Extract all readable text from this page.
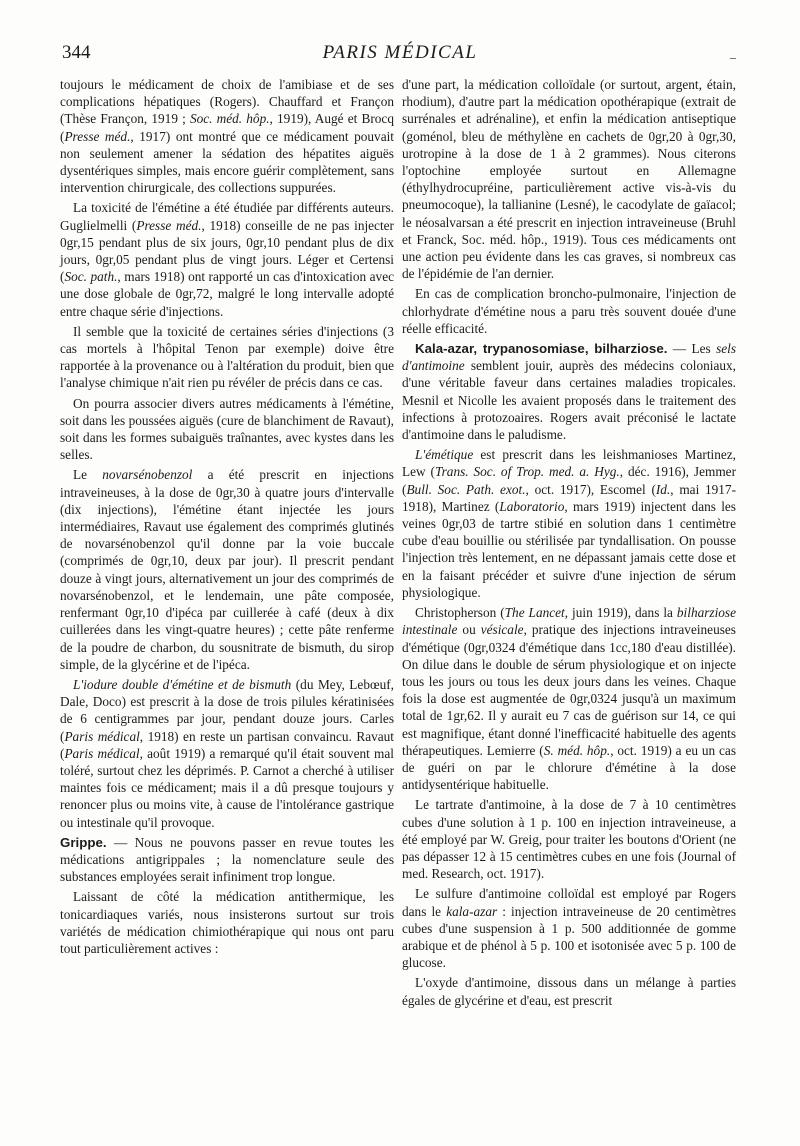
344	PARIS MÉDICAL	_

toujours le médicament de choix de l'amibiase et de ses complications hépatiques (Rogers). Chauffard et Françon (Thèse Françon, 1919 ; Soc. méd. hôp., 1919), Augé et Brocq (Presse méd., 1917) ont montré que ce médicament pouvait non seulement amener la sédation des hépatites aiguës dysentériques simples, mais encore guérir complètement, sans intervention chirurgicale, des collections suppurées.

La toxicité de l'émétine a été étudiée par différents auteurs. Guglielmelli (Presse méd., 1918) conseille de ne pas injecter 0gr,15 pendant plus de six jours, 0gr,10 pendant plus de dix jours, 0gr,05 pendant plus de vingt jours. Léger et Certensi (Soc. path., mars 1918) ont rapporté un cas d'intoxication avec une dose globale de 0gr,72, malgré le long intervalle adopté entre chaque série d'injections.

Il semble que la toxicité de certaines séries d'injections (3 cas mortels à l'hôpital Tenon par exemple) doive être rapportée à la provenance ou à l'altération du produit, bien que l'analyse chimique n'ait rien pu révéler de précis dans ce cas.

On pourra associer divers autres médicaments à l'émétine, soit dans les poussées aiguës (cure de blanchiment de Ravaut), soit dans les formes subaiguës traînantes, avec kystes dans les selles.

Le novarsénobenzol a été prescrit en injections intraveineuses, à la dose de 0gr,30 à quatre jours d'intervalle (dix injections), l'émétine étant injectée les jours intermédiaires, Ravaut use également des comprimés glutinés de novarsénobenzol qu'il donne par la voie buccale (comprimés de 0gr,10, deux par jour). Il prescrit pendant douze à vingt jours, alternativement un jour des comprimés de novarsénobenzol, et le lendemain, une pâte composée, renfermant 0gr,10 d'ipéca par cuillerée à café (deux à dix cuillerées dans les vingt-quatre heures) ; cette pâte renferme de la poudre de charbon, du sousnitrate de bismuth, du sirop simple, de la glycérine et de l'ipéca.

L'iodure double d'émétine et de bismuth (du Mey, Lebœuf, Dale, Doco) est prescrit à la dose de trois pilules kératinisées de 6 centigrammes par jour, pendant douze jours. Carles (Paris médical, 1918) en reste un partisan convaincu. Ravaut (Paris médical, août 1919) a remarqué qu'il était souvent mal toléré, surtout chez les déprimés. P. Carnot a cherché à utiliser maintes fois ce médicament; mais il a dû presque toujours y renoncer plus ou moins vite, à cause de l'intolérance gastrique ou intestinale qu'il provoque.

Grippe. — Nous ne pouvons passer en revue toutes les médications antigrippales ; la nomenclature seule des substances employées serait infiniment trop longue.

Laissant de côté la médication antithermique, les tonicardiaques variés, nous insisterons surtout sur trois variétés de médication chimiothérapique qui nous ont paru tout particulièrement actives :

d'une part, la médication colloïdale (or surtout, argent, étain, rhodium), d'autre part la médication opothérapique (extrait de surrénales et adrénaline), et enfin la médication antiseptique (goménol, bleu de méthylène en cachets de 0gr,20 à 0gr,30, urotropine à la dose de 1 à 2 grammes). Nous citerons l'optochine employée surtout en Allemagne (éthylhydrocupréine, particulièrement active vis-à-vis du pneumocoque), la tallianine (Lesné), le cacodylate de gaïacol; le néosalvarsan a été prescrit en injection intraveineuse (Bruhl et Franck, Soc. méd. hôp., 1919). Tous ces médicaments ont une action peu évidente dans les cas graves, si nombreux cas de l'épidémie de l'an dernier.

En cas de complication broncho-pulmonaire, l'injection de chlorhydrate d'émétine nous a paru très souvent douée d'une réelle efficacité.

Kala-azar, trypanosomiase, bilharziose. — Les sels d'antimoine semblent jouir, auprès des médecins coloniaux, d'une véritable faveur dans certaines maladies tropicales. Mesnil et Nicolle les avaient proposés dans le traitement des infections à protozoaires. Rogers avait préconisé le lactate d'antimoine dans le paludisme.

L'émétique est prescrit dans les leishmanioses Martinez, Lew (Trans. Soc. of Trop. med. a. Hyg., déc. 1916), Jemmer (Bull. Soc. Path. exot., oct. 1917), Escomel (Id., mai 1917-1918), Martinez (Laboratorio, mars 1919) injectent dans les veines 0gr,03 de tartre stibié en solution dans 1 centimètre cube d'eau bouillie ou stérilisée par tyndallisation. On pousse l'injection très lentement, en ne dépassant jamais cette dose et en la faisant précéder et suivre d'une injection de sérum physiologique.

Christopherson (The Lancet, juin 1919), dans la bilharziose intestinale ou vésicale, pratique des injections intraveineuses d'émétique (0gr,0324 d'émétique dans 1cc,180 d'eau distillée). On dilue dans le double de sérum physiologique et on injecte tous les jours ou tous les deux jours dans les veines. Chaque fois la dose est augmentée de 0gr,0324 jusqu'à un maximum total de 1gr,62. Il y aurait eu 7 cas de guérison sur 14, ce qui est magnifique, étant donné l'inefficacité habituelle des agents thérapeutiques. Lemierre (S. méd. hôp., oct. 1919) a eu un cas de guéri on par le chlorure d'émétine à la dose antidysentérique habituelle.

Le tartrate d'antimoine, à la dose de 7 à 10 centimètres cubes d'une solution à 1 p. 100 en injection intraveineuse, a été employé par W. Greig, pour traiter les boutons d'Orient (ne pas dépasser 12 à 15 centimètres cubes en une fois (Journal of med. Research, oct. 1917).

Le sulfure d'antimoine colloïdal est employé par Rogers dans le kala-azar : injection intraveineuse de 20 centimètres cubes d'une suspension à 1 p. 500 additionnée de gomme arabique et de phénol à 5 p. 100 et isotonisée avec 5 p. 100 de glucose.

L'oxyde d'antimoine, dissous dans un mélange à parties égales de glycérine et d'eau, est prescrit
